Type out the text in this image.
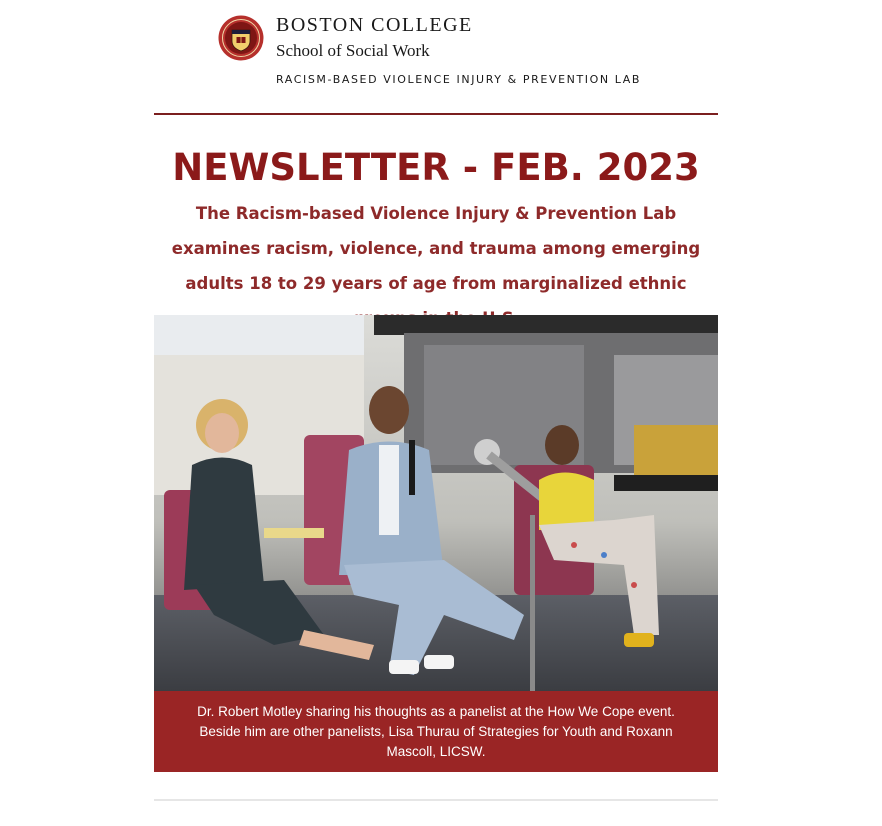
BOSTON COLLEGE
School of Social Work
RACISM-BASED VIOLENCE INJURY & PREVENTION LAB
NEWSLETTER - FEB. 2023
The Racism-based Violence Injury & Prevention Lab examines racism, violence, and trauma among emerging adults 18 to 29 years of age from marginalized ethnic
Dr. Robert Motley sharing his thoughts as a panelist at the How We Cope event. Beside him are other panelists, Lisa Thurau of Strategies for Youth and Roxann Mascoll, LICSW.
